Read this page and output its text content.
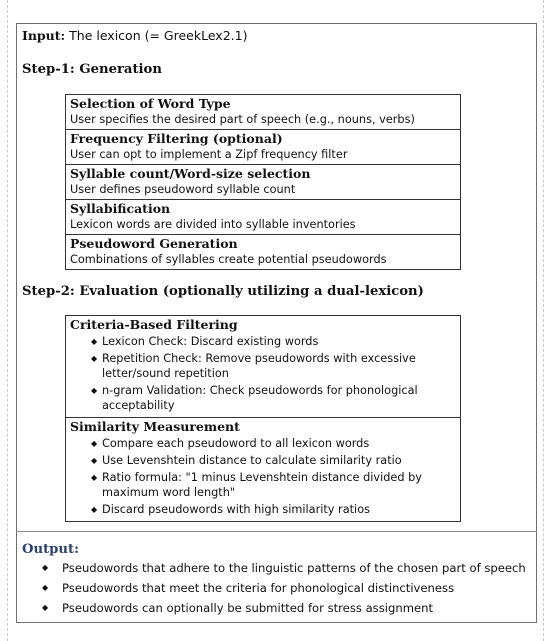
Input: The lexicon (= GreekLex2.1)
Step-1: Generation
Selection of Word Type
User specifies the desired part of speech (e.g., nouns, verbs)
Frequency Filtering (optional)
User can opt to implement a Zipf frequency filter
Syllable count/Word-size selection
User defines pseudoword syllable count
Syllabification
Lexicon words are divided into syllable inventories
Pseudoword Generation
Combinations of syllables create potential pseudowords
Step-2: Evaluation (optionally utilizing a dual-lexicon)
Criteria-Based Filtering
◆ Lexicon Check: Discard existing words
◆ Repetition Check: Remove pseudowords with excessive letter/sound repetition
◆ n-gram Validation: Check pseudowords for phonological acceptability
Similarity Measurement
◆ Compare each pseudoword to all lexicon words
◆ Use Levenshtein distance to calculate similarity ratio
◆ Ratio formula: "1 minus Levenshtein distance divided by maximum word length"
◆ Discard pseudowords with high similarity ratios
Output:
◆ Pseudowords that adhere to the linguistic patterns of the chosen part of speech
◆ Pseudowords that meet the criteria for phonological distinctiveness
◆ Pseudowords can optionally be submitted for stress assignment
